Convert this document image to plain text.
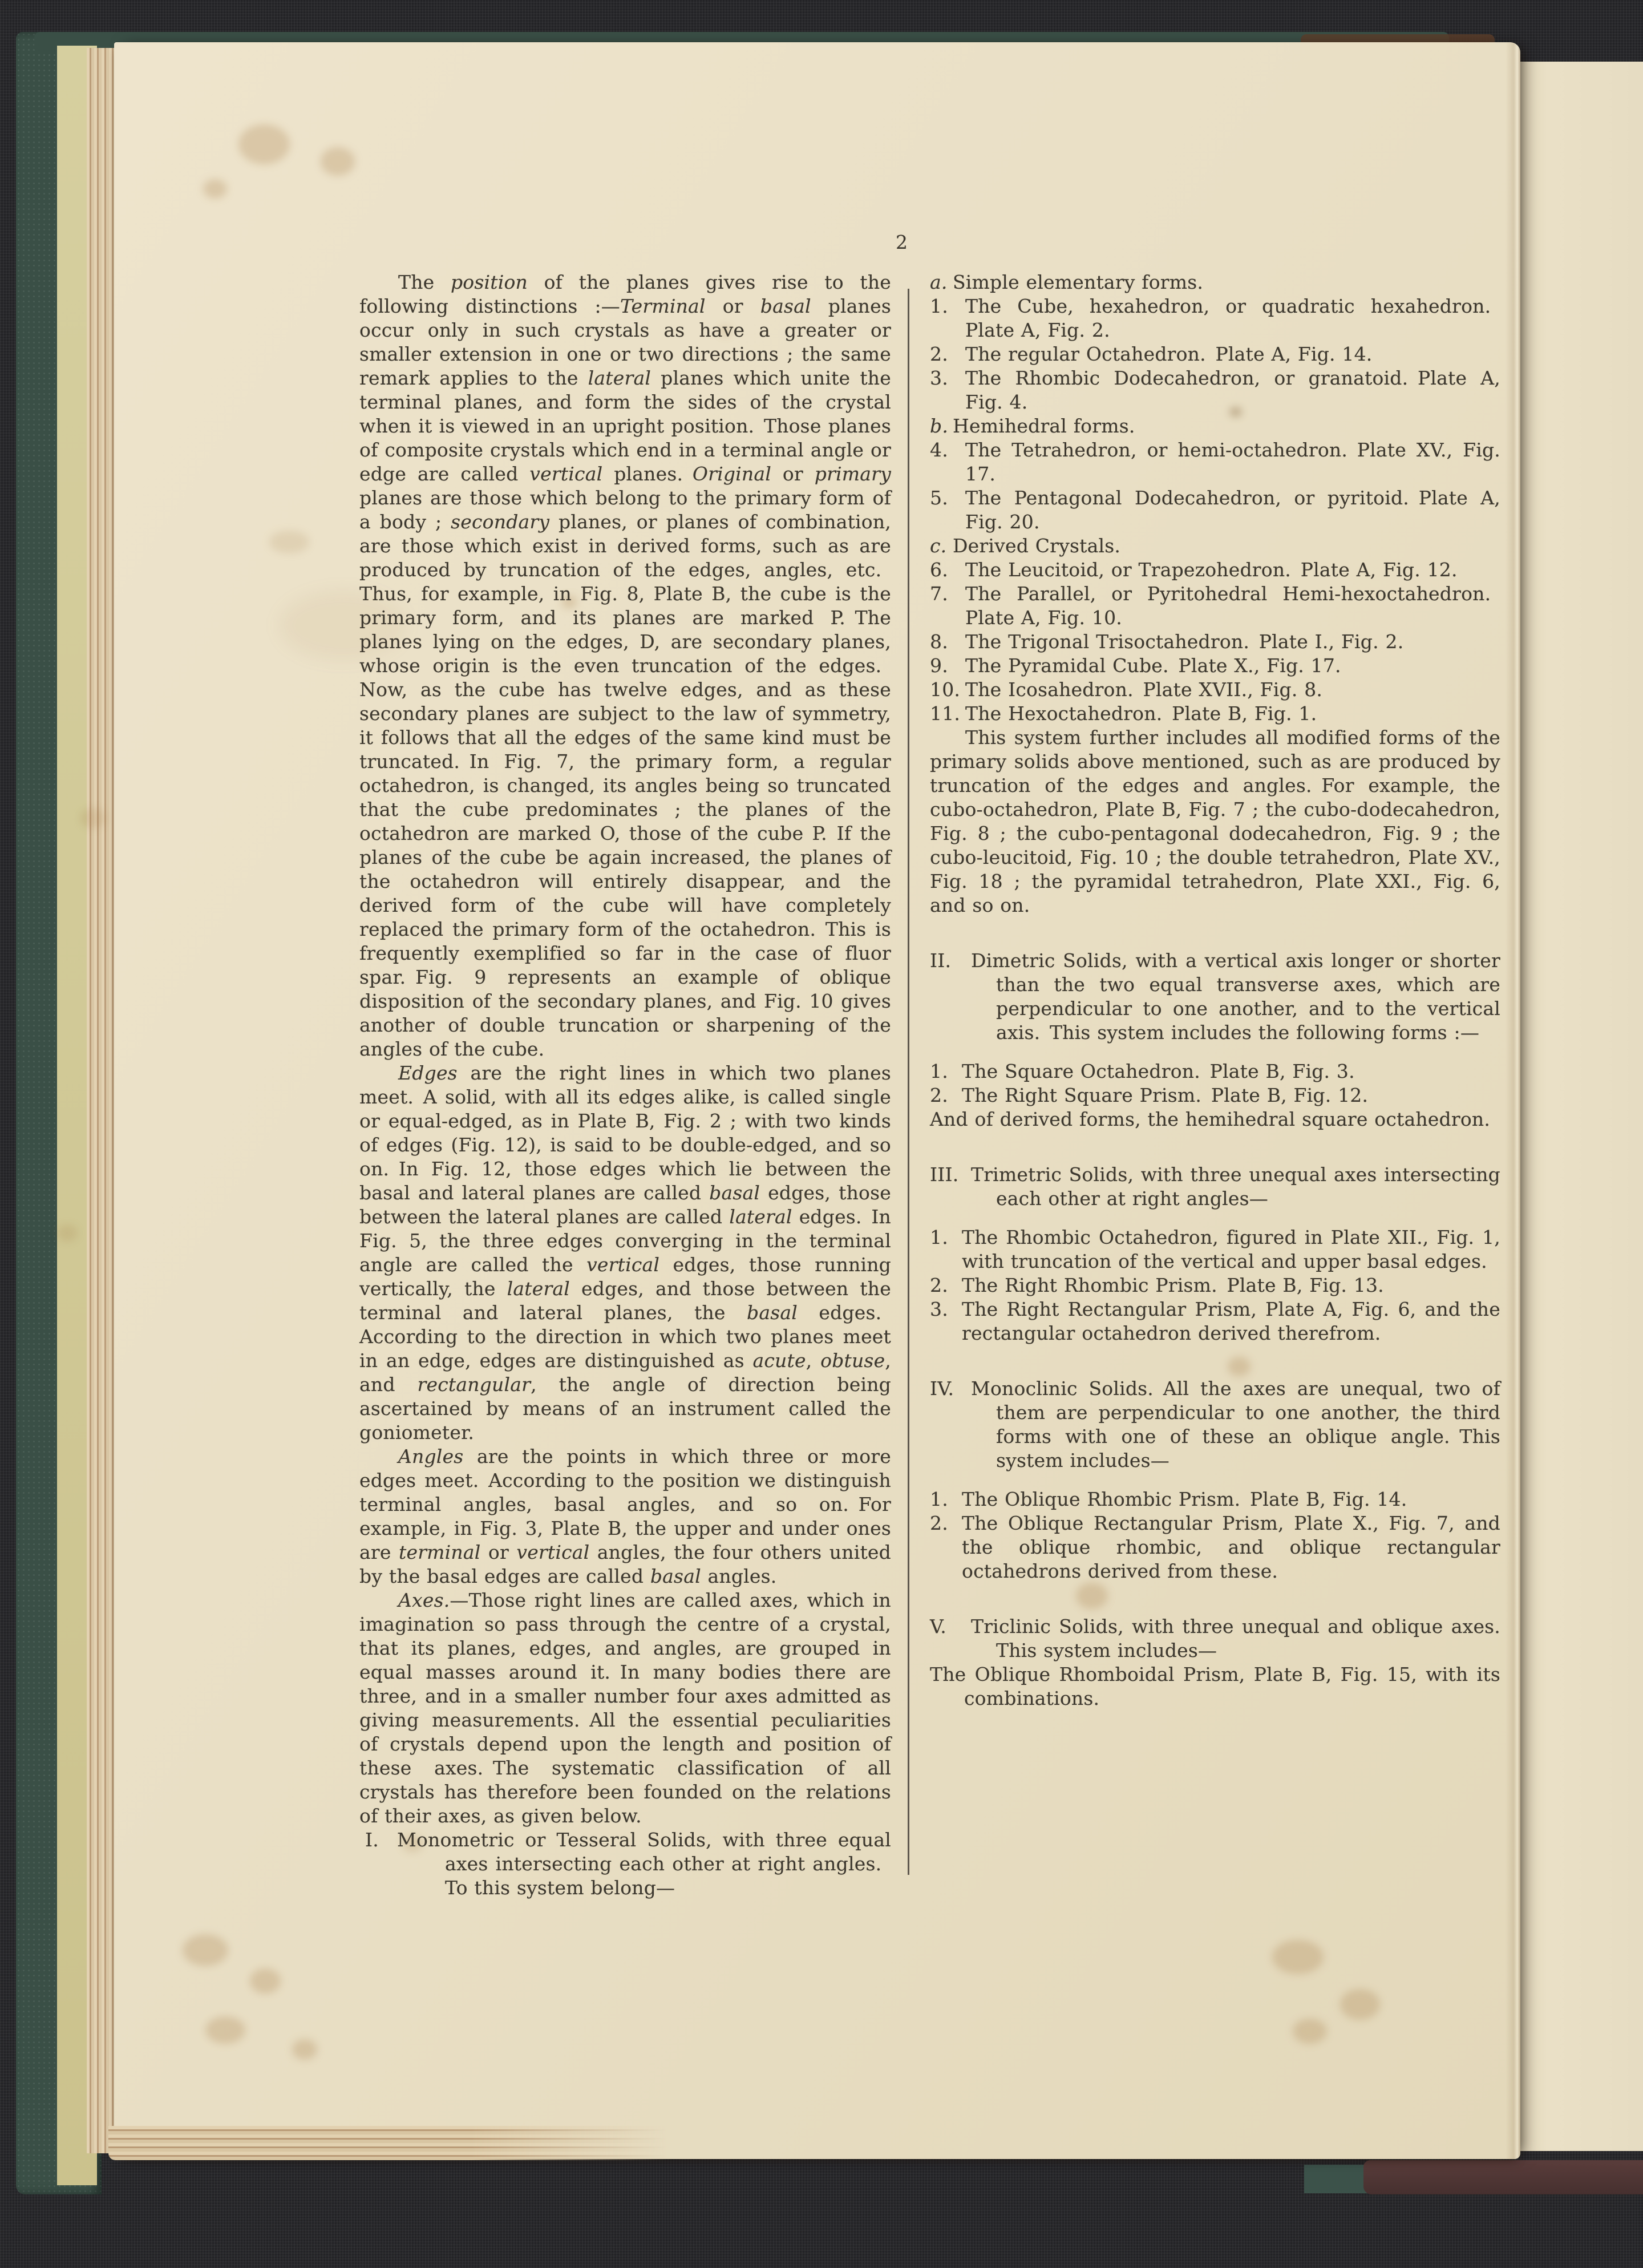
2

The position of the planes gives rise to the following distinctions :—Terminal or basal planes occur only in such crystals as have a greater or smaller extension in one or two directions ; the same remark applies to the lateral planes which unite the terminal planes, and form the sides of the crystal when it is viewed in an upright position. Those planes of composite crystals which end in a terminal angle or edge are called vertical planes. Original or primary planes are those which belong to the primary form of a body ; secondary planes, or planes of combination, are those which exist in derived forms, such as are produced by truncation of the edges, angles, etc. Thus, for example, in Fig. 8, Plate B, the cube is the primary form, and its planes are marked P. The planes lying on the edges, D, are secondary planes, whose origin is the even truncation of the edges. Now, as the cube has twelve edges, and as these secondary planes are subject to the law of symmetry, it follows that all the edges of the same kind must be truncated. In Fig. 7, the primary form, a regular octahedron, is changed, its angles being so truncated that the cube predominates ; the planes of the octahedron are marked O, those of the cube P. If the planes of the cube be again increased, the planes of the octahedron will entirely disappear, and the derived form of the cube will have completely replaced the primary form of the octahedron. This is frequently exemplified so far in the case of fluor spar. Fig. 9 represents an example of oblique disposition of the secondary planes, and Fig. 10 gives another of double truncation or sharpening of the angles of the cube.

Edges are the right lines in which two planes meet. A solid, with all its edges alike, is called single or equal-edged, as in Plate B, Fig. 2 ; with two kinds of edges (Fig. 12), is said to be double-edged, and so on. In Fig. 12, those edges which lie between the basal and lateral planes are called basal edges, those between the lateral planes are called lateral edges. In Fig. 5, the three edges converging in the terminal angle are called the vertical edges, those running vertically, the lateral edges, and those between the terminal and lateral planes, the basal edges. According to the direction in which two planes meet in an edge, edges are distinguished as acute, obtuse, and rectangular, the angle of direction being ascertained by means of an instrument called the goniometer.

Angles are the points in which three or more edges meet. According to the position we distinguish terminal angles, basal angles, and so on. For example, in Fig. 3, Plate B, the upper and under ones are terminal or vertical angles, the four others united by the basal edges are called basal angles.

Axes.—Those right lines are called axes, which in imagination so pass through the centre of a crystal, that its planes, edges, and angles, are grouped in equal masses around it. In many bodies there are three, and in a smaller number four axes admitted as giving measurements. All the essential peculiarities of crystals depend upon the length and position of these axes. The systematic classification of all crystals has therefore been founded on the relations of their axes, as given below.

I. Monometric or Tesseral Solids, with three equal axes intersecting each other at right angles. To this system belong—

a. Simple elementary forms.

1. The Cube, hexahedron, or quadratic hexahedron. Plate A, Fig. 2.

2. The regular Octahedron. Plate A, Fig. 14.

3. The Rhombic Dodecahedron, or granatoid. Plate A, Fig. 4.

b. Hemihedral forms.

4. The Tetrahedron, or hemi-octahedron. Plate XV., Fig. 17.

5. The Pentagonal Dodecahedron, or pyritoid. Plate A, Fig. 20.

c. Derived Crystals.

6. The Leucitoid, or Trapezohedron. Plate A, Fig. 12.

7. The Parallel, or Pyritohedral Hemi-hexoctahedron. Plate A, Fig. 10.

8. The Trigonal Trisoctahedron. Plate I., Fig. 2.

9. The Pyramidal Cube. Plate X., Fig. 17.

10. The Icosahedron. Plate XVII., Fig. 8.

11. The Hexoctahedron. Plate B, Fig. 1.

This system further includes all modified forms of the primary solids above mentioned, such as are produced by truncation of the edges and angles. For example, the cubo-octahedron, Plate B, Fig. 7 ; the cubo-dodecahedron, Fig. 8 ; the cubo-pentagonal dodecahedron, Fig. 9 ; the cubo-leucitoid, Fig. 10 ; the double tetrahedron, Plate XV., Fig. 18 ; the pyramidal tetrahedron, Plate XXI., Fig. 6, and so on.

II. Dimetric Solids, with a vertical axis longer or shorter than the two equal transverse axes, which are perpendicular to one another, and to the vertical axis. This system includes the following forms :—

1. The Square Octahedron. Plate B, Fig. 3.

2. The Right Square Prism. Plate B, Fig. 12.

And of derived forms, the hemihedral square octahedron.

III. Trimetric Solids, with three unequal axes intersecting each other at right angles—

1. The Rhombic Octahedron, figured in Plate XII., Fig. 1, with truncation of the vertical and upper basal edges.

2. The Right Rhombic Prism. Plate B, Fig. 13.

3. The Right Rectangular Prism, Plate A, Fig. 6, and the rectangular octahedron derived therefrom.

IV. Monoclinic Solids. All the axes are unequal, two of them are perpendicular to one another, the third forms with one of these an oblique angle. This system includes—

1. The Oblique Rhombic Prism. Plate B, Fig. 14.

2. The Oblique Rectangular Prism, Plate X., Fig. 7, and the oblique rhombic, and oblique rectangular octahedrons derived from these.

V. Triclinic Solids, with three unequal and oblique axes. This system includes—

The Oblique Rhomboidal Prism, Plate B, Fig. 15, with its combinations.
